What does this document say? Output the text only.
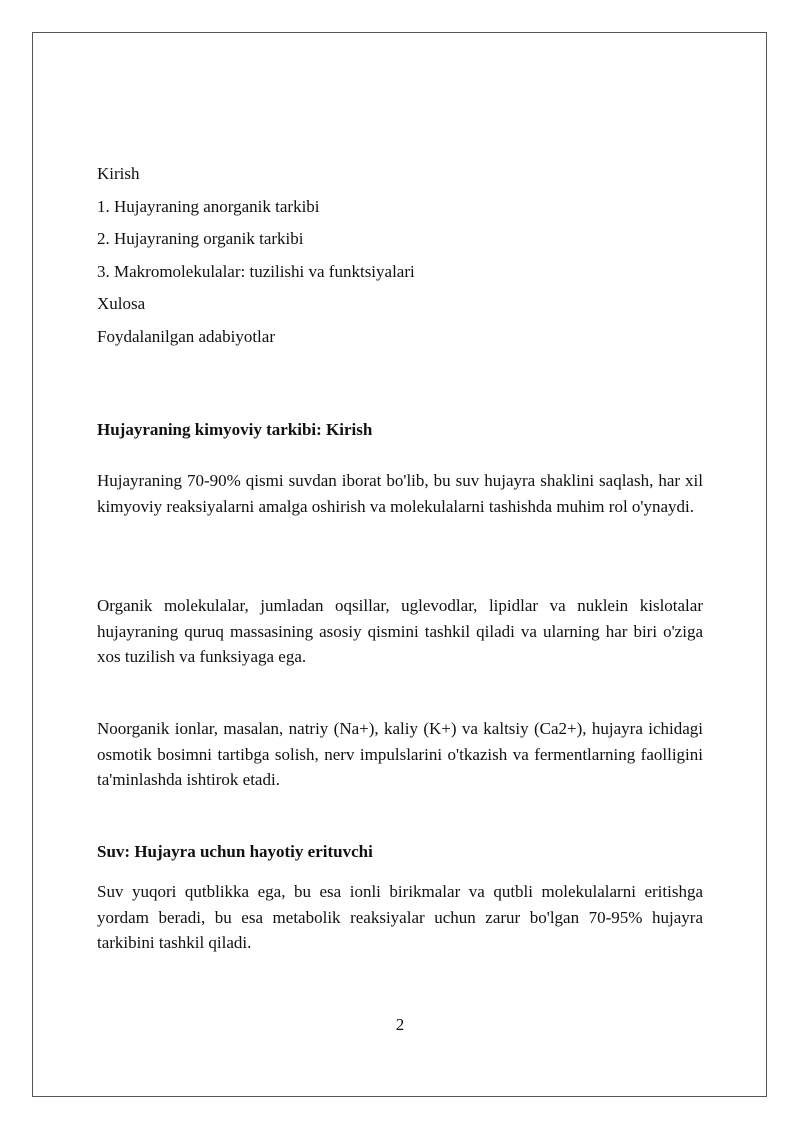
Kirish
1. Hujayraning anorganik tarkibi
2. Hujayraning organik tarkibi
3. Makromolekulalar: tuzilishi va funktsiyalari
Xulosa
Foydalanilgan adabiyotlar

Hujayraning kimyoviy tarkibi: Kirish

Hujayraning 70-90% qismi suvdan iborat bo'lib, bu suv hujayra shaklini saqlash, har xil kimyoviy reaksiyalarni amalga oshirish va molekulalarni tashishda muhim rol o'ynaydi.

Organik molekulalar, jumladan oqsillar, uglevodlar, lipidlar va nuklein kislotalar hujayraning quruq massasining asosiy qismini tashkil qiladi va ularning har biri o'ziga xos tuzilish va funksiyaga ega.

Noorganik ionlar, masalan, natriy (Na+), kaliy (K+) va kaltsiy (Ca2+), hujayra ichidagi osmotik bosimni tartibga solish, nerv impulslarini o'tkazish va fermentlarning faolligini ta'minlashda ishtirok etadi.

Suv: Hujayra uchun hayotiy erituvchi

Suv yuqori qutblikka ega, bu esa ionli birikmalar va qutbli molekulalarni eritishga yordam beradi, bu esa metabolik reaksiyalar uchun zarur bo'lgan 70-95% hujayra tarkibini tashkil qiladi.

2
